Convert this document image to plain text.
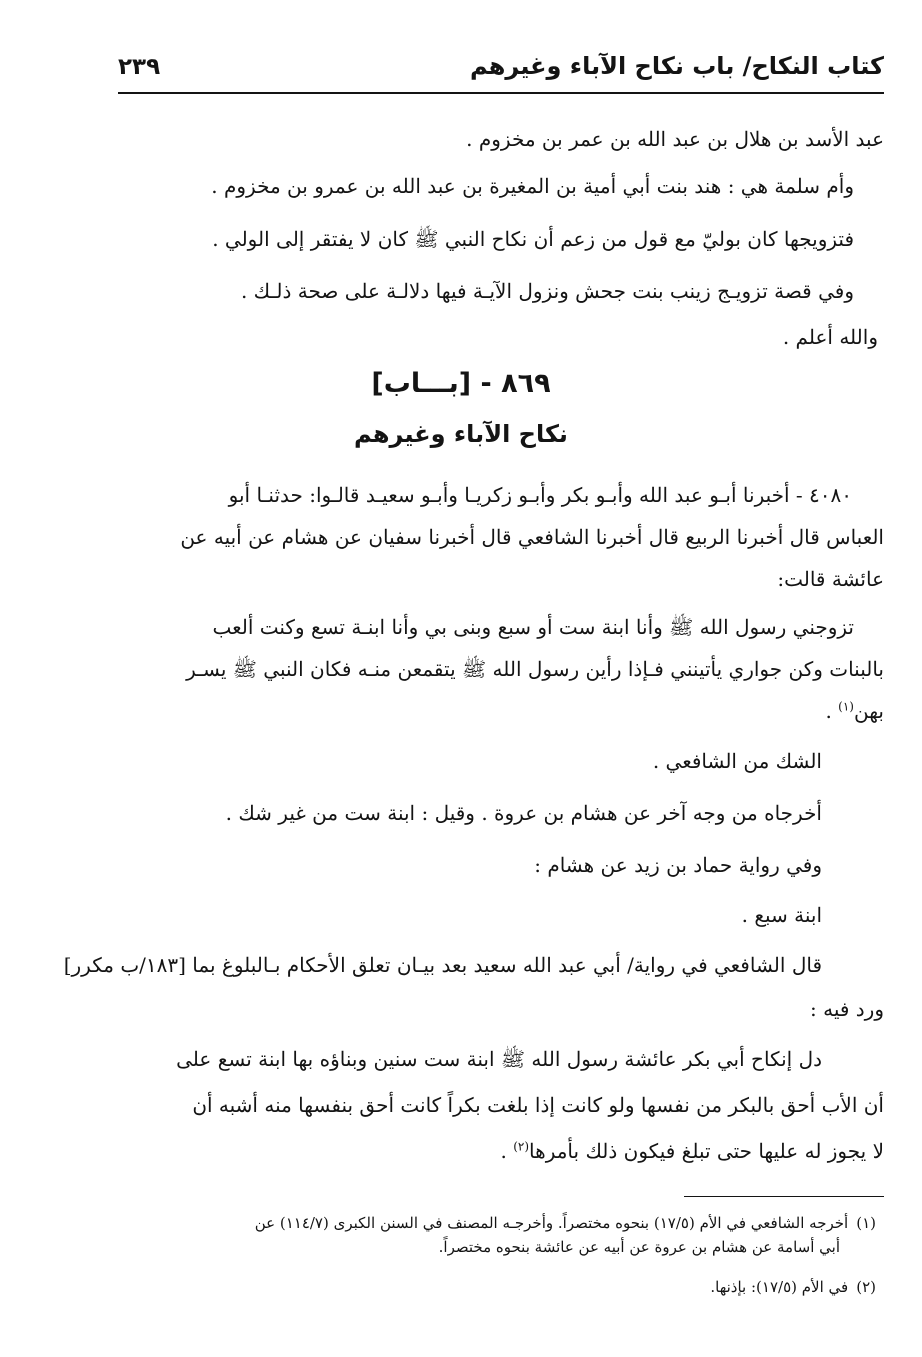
كتاب النكاح/ باب نكاح الآباء وغيرهم
٢٣٩
عبد الأسد بن هلال بن عبد الله بن عمر بن مخزوم .
وأم سلمة هي : هند بنت أبي أمية بن المغيرة بن عبد الله بن عمرو بن مخزوم .
فتزويجها كان بوليّ مع قول من زعم أن نكاح النبي ﷺ كان لا يفتقر إلى الولي .
وفي قصة تزويـج زينب بنت جحش ونزول الآيـة فيها دلالـة على صحة ذلـك .
والله أعلم .
٨٦٩ - [بـــاب]
نكاح الآباء وغيرهم
٤٠٨٠ - أخبرنا أبـو عبد الله وأبـو بكر وأبـو زكريـا وأبـو سعيـد قالـوا: حدثنـا أبو
العباس قال أخبرنا الربيع قال أخبرنا الشافعي قال أخبرنا سفيان عن هشام عن أبيه عن
عائشة قالت:
تزوجني رسول الله ﷺ وأنا ابنة ست أو سبع وبنى بي وأنا ابنـة تسع وكنت ألعب
بالبنات وكن جواري يأتينني فـإذا رأين رسول الله ﷺ يتقمعن منـه فكان النبي ﷺ يسـر
بهن$^{(١)}$ .
الشك من الشافعي .
أخرجاه من وجه آخر عن هشام بن عروة . وقيل : ابنة ست من غير شك .
وفي رواية حماد بن زيد عن هشام :
ابنة سبع .
قال الشافعي في رواية/ أبي عبد الله سعيد بعد بيـان تعلق الأحكام بـالبلوغ بما [١٨٣/ب مكرر]
ورد فيه :
دل إنكاح أبي بكر عائشة رسول الله ﷺ ابنة ست سنين وبناؤه بها ابنة تسع على
أن الأب أحق بالبكر من نفسها ولو كانت إذا بلغت بكراً كانت أحق بنفسها منه أشبه أن
لا يجوز له عليها حتى تبلغ فيكون ذلك بأمرها$^{(٢)}$ .
(١)أخرجه الشافعي في الأم (١٧/٥) بنحوه مختصراً. وأخرجـه المصنف في السنن الكبرى (١١٤/٧) عن
أبي أسامة عن هشام بن عروة عن أبيه عن عائشة بنحوه مختصراً.
(٢)في الأم (١٧/٥): بإذنها.
